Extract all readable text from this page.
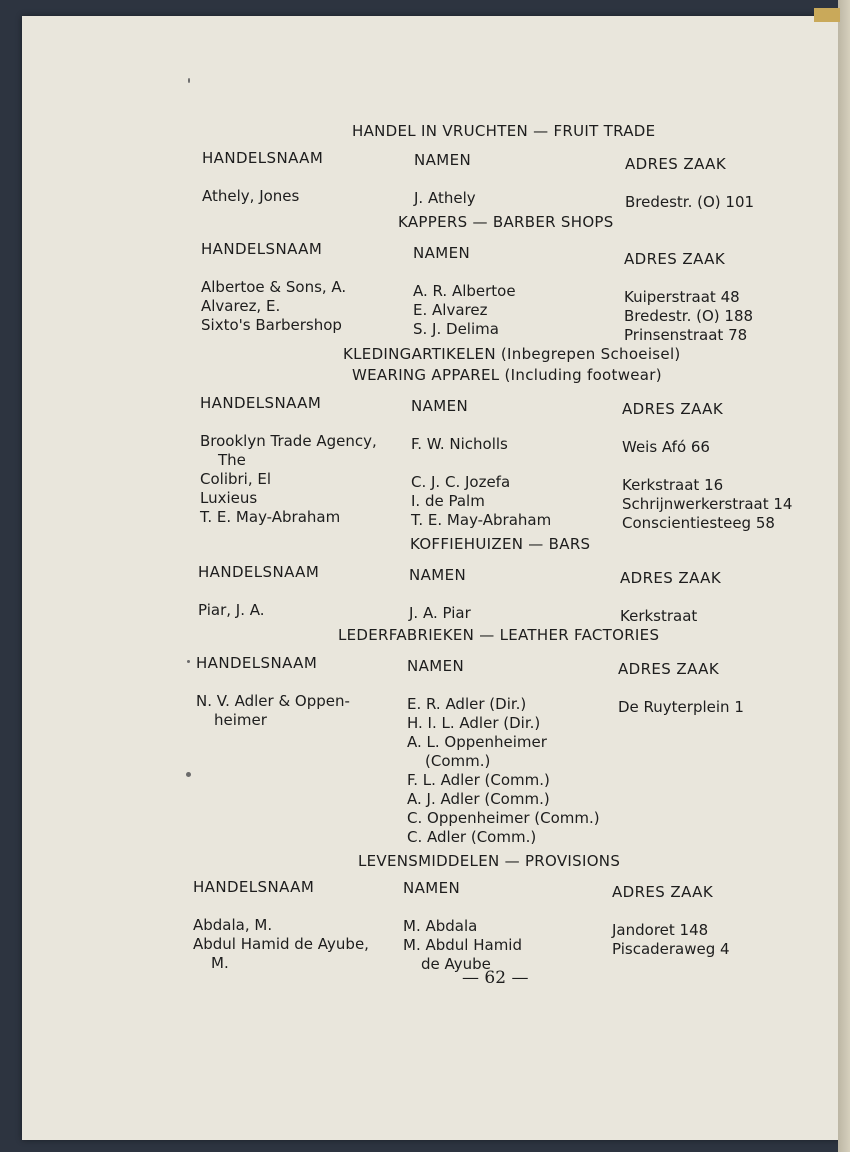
HANDEL IN VRUCHTEN — FRUIT TRADE
HANDELSNAAM
Athely, Jones
NAMEN
J. Athely
ADRES ZAAK
Bredestr. (O) 101
KAPPERS — BARBER SHOPS
HANDELSNAAM
Albertoe & Sons, A.
Alvarez, E.
Sixto's Barbershop
NAMEN
A. R. Albertoe
E. Alvarez
S. J. Delima
ADRES ZAAK
Kuiperstraat 48
Bredestr. (O) 188
Prinsenstraat 78
KLEDINGARTIKELEN (Inbegrepen Schoeisel)
WEARING APPAREL (Including footwear)
HANDELSNAAM
Brooklyn Trade Agency,
The
Colibri, El
Luxieus
T. E. May-Abraham
NAMEN
F. W. Nicholls
C. J. C. Jozefa
I. de Palm
T. E. May-Abraham
ADRES ZAAK
Weis Afó 66
Kerkstraat 16
Schrijnwerkerstraat 14
Conscientiesteeg 58
KOFFIEHUIZEN — BARS
HANDELSNAAM
Piar, J. A.
NAMEN
J. A. Piar
ADRES ZAAK
Kerkstraat
LEDERFABRIEKEN — LEATHER FACTORIES
HANDELSNAAM
N. V. Adler & Oppen-
heimer
NAMEN
E. R. Adler (Dir.)
H. I. L. Adler (Dir.)
A. L. Oppenheimer
(Comm.)
F. L. Adler (Comm.)
A. J. Adler (Comm.)
C. Oppenheimer (Comm.)
C. Adler (Comm.)
ADRES ZAAK
De Ruyterplein 1
LEVENSMIDDELEN — PROVISIONS
HANDELSNAAM
Abdala, M.
Abdul Hamid de Ayube,
M.
NAMEN
M. Abdala
M. Abdul Hamid
de Ayube
ADRES ZAAK
Jandoret 148
Piscaderaweg 4
— 62 —
